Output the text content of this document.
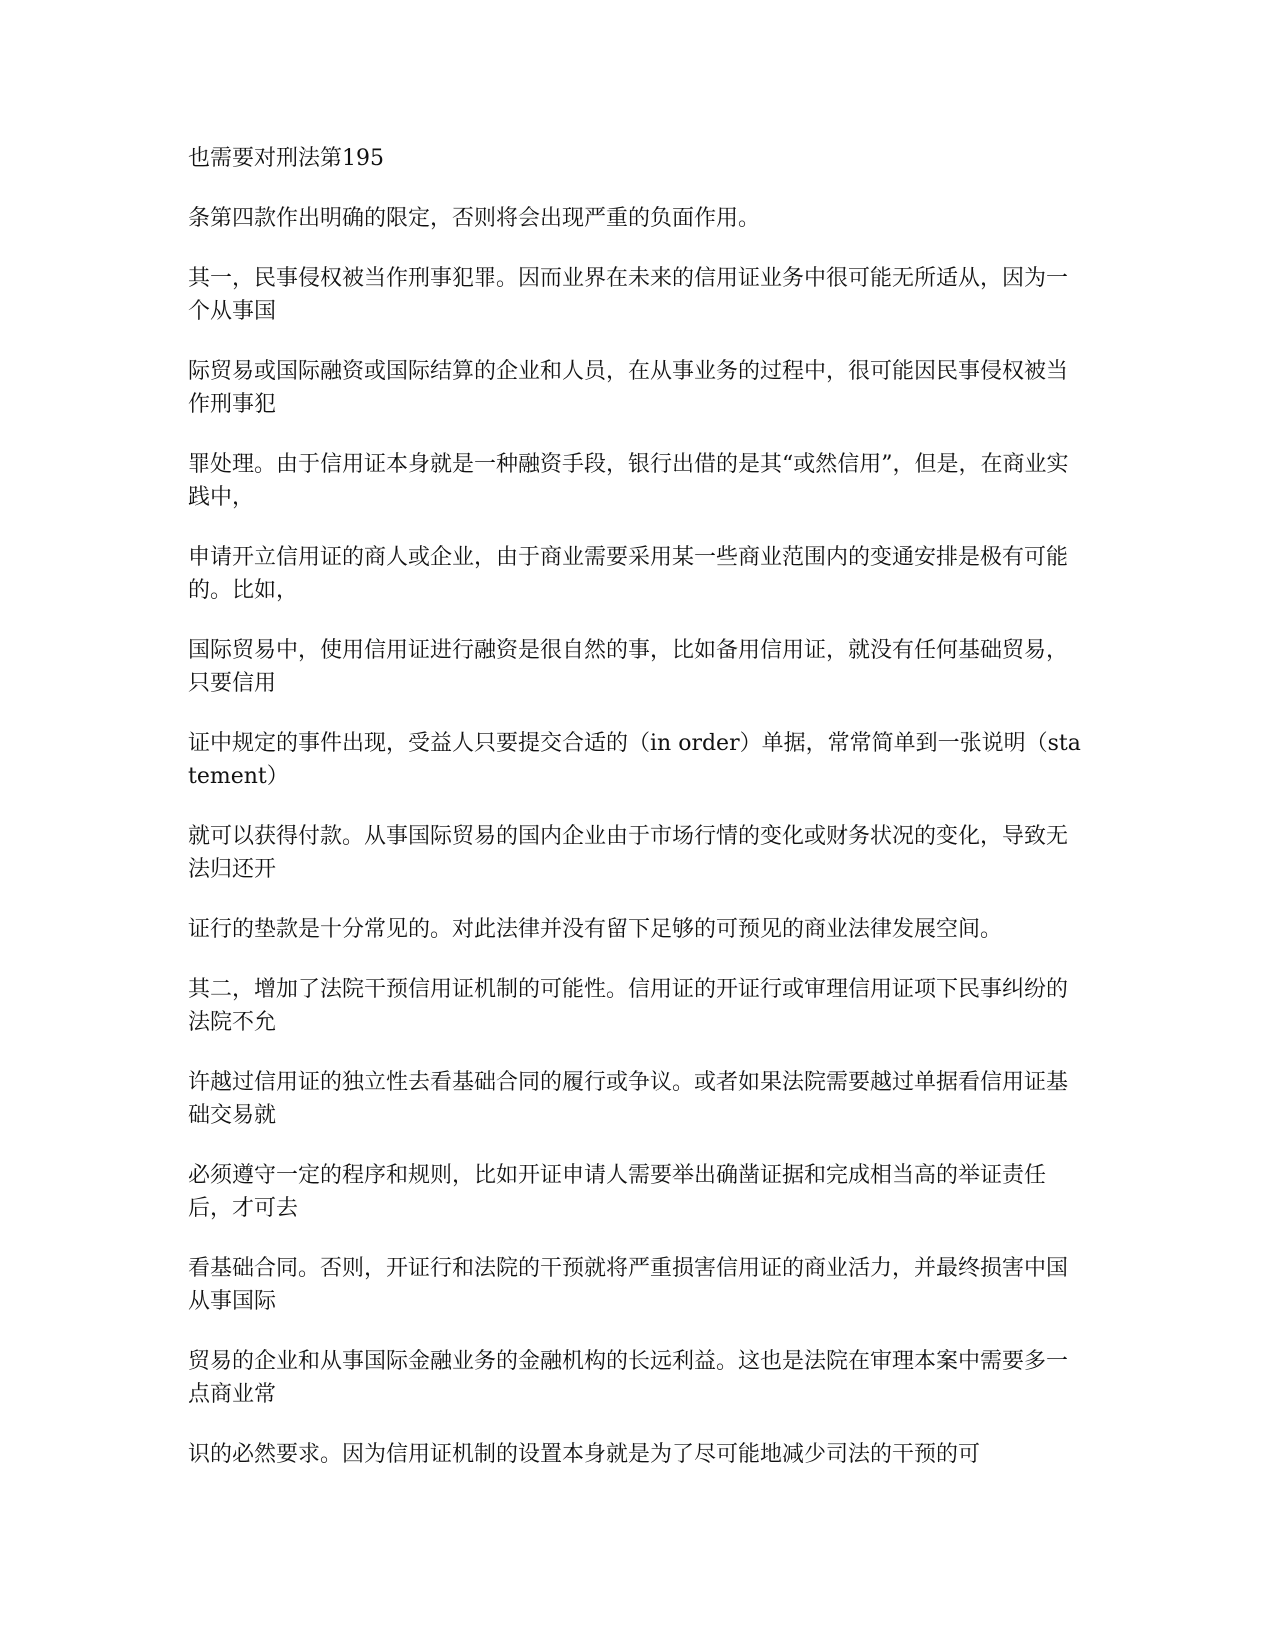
也需要对刑法第195

条第四款作出明确的限定，否则将会出现严重的负面作用。

其一，民事侵权被当作刑事犯罪。因而业界在未来的信用证业务中很可能无所适从，因为一个从事国

际贸易或国际融资或国际结算的企业和人员，在从事业务的过程中，很可能因民事侵权被当作刑事犯

罪处理。由于信用证本身就是一种融资手段，银行出借的是其“或然信用”，但是，在商业实践中，

申请开立信用证的商人或企业，由于商业需要采用某一些商业范围内的变通安排是极有可能的。比如，

国际贸易中，使用信用证进行融资是很自然的事，比如备用信用证，就没有任何基础贸易，只要信用

证中规定的事件出现，受益人只要提交合适的（in order）单据，常常简单到一张说明（statement）

就可以获得付款。从事国际贸易的国内企业由于市场行情的变化或财务状况的变化，导致无法归还开

证行的垫款是十分常见的。对此法律并没有留下足够的可预见的商业法律发展空间。

其二，增加了法院干预信用证机制的可能性。信用证的开证行或审理信用证项下民事纠纷的法院不允

许越过信用证的独立性去看基础合同的履行或争议。或者如果法院需要越过单据看信用证基础交易就

必须遵守一定的程序和规则，比如开证申请人需要举出确凿证据和完成相当高的举证责任后，才可去

看基础合同。否则，开证行和法院的干预就将严重损害信用证的商业活力，并最终损害中国从事国际

贸易的企业和从事国际金融业务的金融机构的长远利益。这也是法院在审理本案中需要多一点商业常

识的必然要求。因为信用证机制的设置本身就是为了尽可能地减少司法的干预的可
